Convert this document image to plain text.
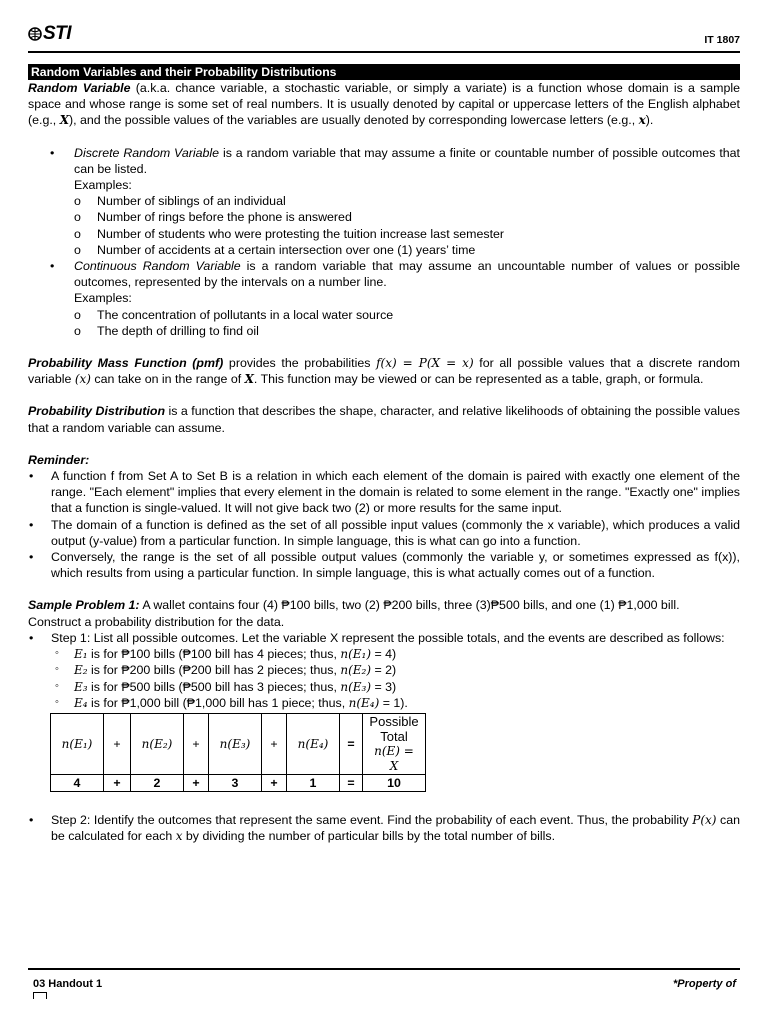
STI	IT 1807
Random Variables and their Probability Distributions

Random Variable (a.k.a. chance variable, a stochastic variable, or simply a variate) is a function whose domain is a sample space and whose range is some set of real numbers. It is usually denoted by capital or uppercase letters of the English alphabet (e.g., X), and the possible values of the variables are usually denoted by corresponding lowercase letters (e.g., x).

• Discrete Random Variable is a random variable that may assume a finite or countable number of possible outcomes that can be listed.

Examples:
o Number of siblings of an individual
o Number of rings before the phone is answered
o Number of students who were protesting the tuition increase last semester
o Number of accidents at a certain intersection over one (1) years’ time
• Continuous Random Variable is a random variable that may assume an uncountable number of values or possible outcomes, represented by the intervals on a number line.

Examples:
o The concentration of pollutants in a local water source
o The depth of drilling to find oil

Probability Mass Function (pmf) provides the probabilities f(x) = P(X = x) for all possible values that a discrete random variable (x) can take on in the range of X. This function may be viewed or can be represented as a table, graph, or formula.

Probability Distribution is a function that describes the shape, character, and relative likelihoods of obtaining the possible values that a random variable can assume.

Reminder:
• A function f from Set A to Set B is a relation in which each element of the domain is paired with exactly one element of the range. "Each element" implies that every element in the domain is related to some element in the range. "Exactly one" implies that a function is single-valued. It will not give back two (2) or more results for the same input.

• The domain of a function is defined as the set of all possible input values (commonly the x variable), which produces a valid output (y-value) from a particular function. In simple language, this is what can go into a function.

• Conversely, the range is the set of all possible output values (commonly the variable y, or sometimes expressed as f(x)), which results from using a particular function. In simple language, this is what actually comes out of a function.

Sample Problem 1: A wallet contains four (4) ₱100 bills, two (2) ₱200 bills, three (3)₱500 bills, and one (1) ₱1,000 bill.

Construct a probability distribution for the data.
• Step 1: List all possible outcomes. Let the variable X represent the possible totals, and the events are described as follows:

◦ E₁ is for ₱100 bills (₱100 bill has 4 pieces; thus, n(E₁) = 4)
◦ E₂ is for ₱200 bills (₱200 bill has 2 pieces; thus, n(E₂) = 2)
◦ E₃ is for ₱500 bills (₱500 bill has 3 pieces; thus, n(E₃) = 3)
◦ E₄ is for ₱1,000 bill (₱1,000 bill has 1 piece; thus, n(E₄) = 1).
n(E₁)	+	n(E₂)	+	n(E₃)	+	n(E₄)	=	Possible
Total
n(E) =
X

4	+	2	+	3	+	1	=	10
• Step 2: Identify the outcomes that represent the same event. Find the probability of each event. Thus, the probability P(x) can be calculated for each x by dividing the number of particular bills by the total number of bills.

03 Handout 1	*Property of
